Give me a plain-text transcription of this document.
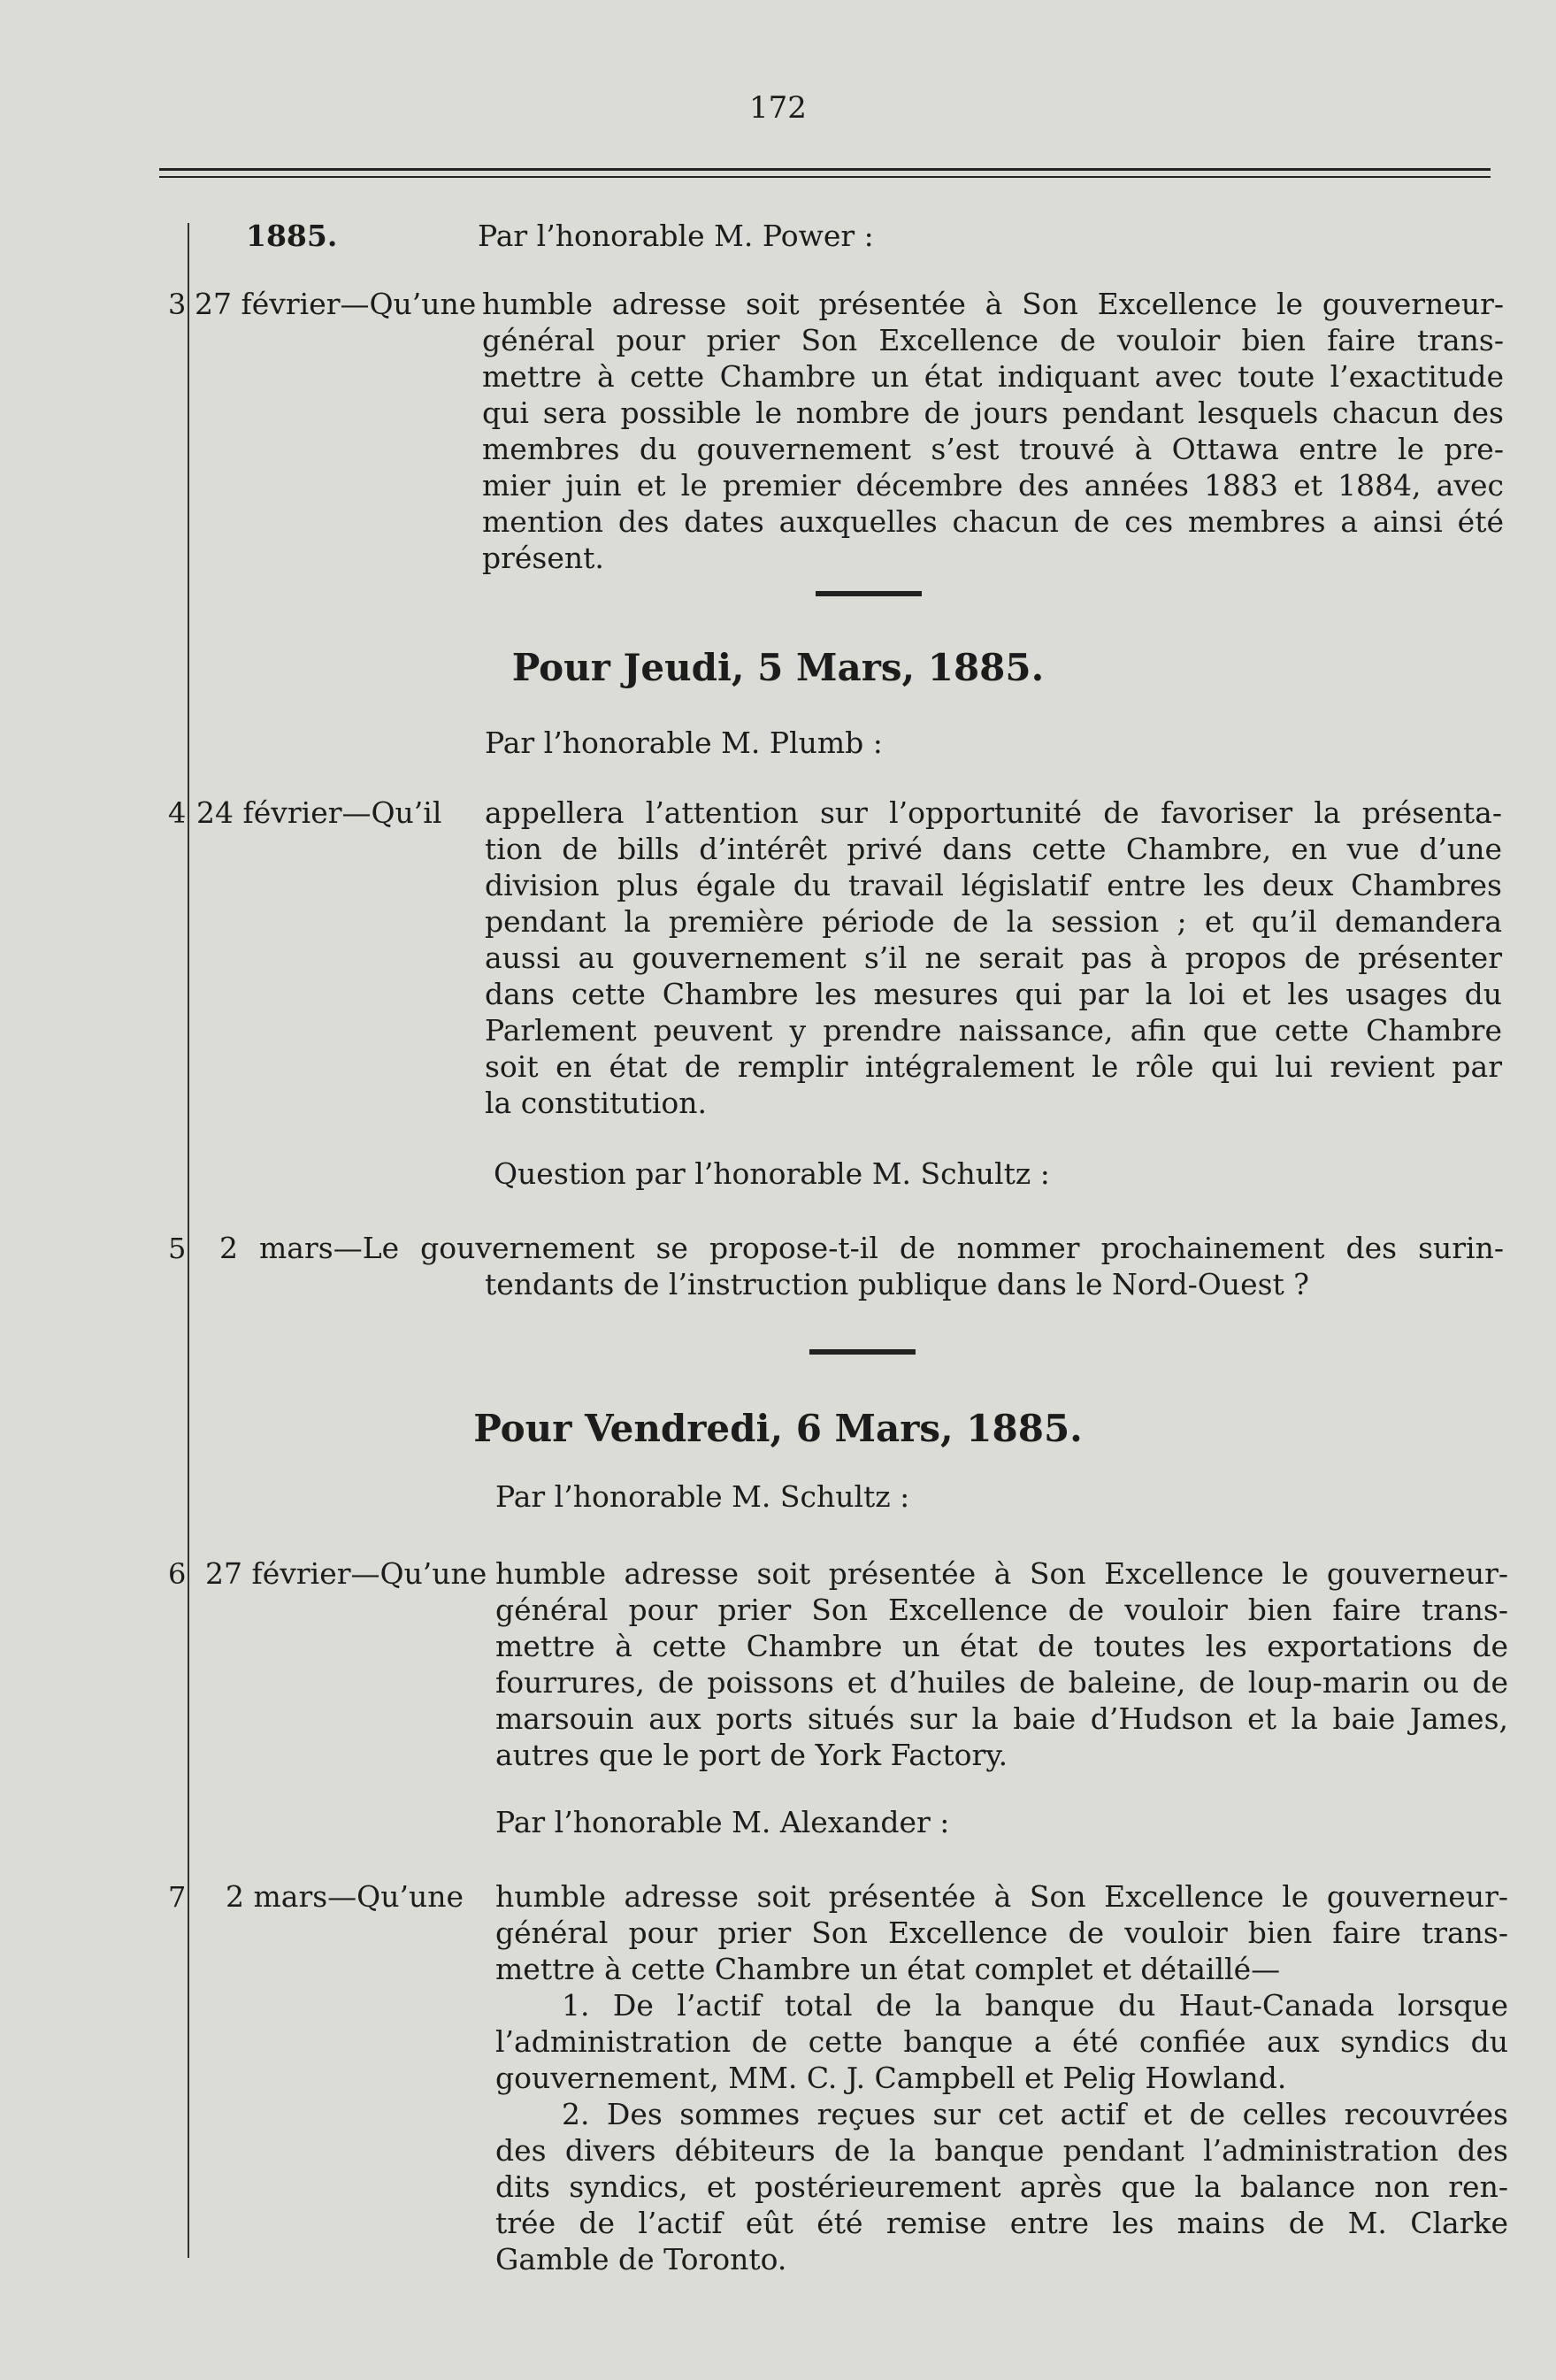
172
1885.	Par l’honorable M. Power :
3 27 février—Qu’une humble adresse soit présentée à Son Excellence le gouverneur-
général pour prier Son Excellence de vouloir bien faire trans-
mettre à cette Chambre un état indiquant avec toute l’exactitude
qui sera possible le nombre de jours pendant lesquels chacun des
membres du gouvernement s’est trouvé à Ottawa entre le pre-
mier juin et le premier décembre des années 1883 et 1884, avec
mention des dates auxquelles chacun de ces membres a ainsi été
présent.
Pour Jeudi, 5 Mars, 1885.
Par l’honorable M. Plumb :
4 24 février—Qu’il appellera l’attention sur l’opportunité de favoriser la présenta-
tion de bills d’intérêt privé dans cette Chambre, en vue d’une
division plus égale du travail législatif entre les deux Chambres
pendant la première période de la session ; et qu’il demandera
aussi au gouvernement s’il ne serait pas à propos de présenter
dans cette Chambre les mesures qui par la loi et les usages du
Parlement peuvent y prendre naissance, afin que cette Chambre
soit en état de remplir intégralement le rôle qui lui revient par
la constitution.
Question par l’honorable M. Schultz :
5 2 mars—Le gouvernement se propose-t-il de nommer prochainement des surin-
tendants de l’instruction publique dans le Nord-Ouest ?
Pour Vendredi, 6 Mars, 1885.
Par l’honorable M. Schultz :
6 27 février—Qu’une humble adresse soit présentée à Son Excellence le gouverneur-
général pour prier Son Excellence de vouloir bien faire trans-
mettre à cette Chambre un état de toutes les exportations de
fourrures, de poissons et d’huiles de baleine, de loup-marin ou de
marsouin aux ports situés sur la baie d’Hudson et la baie James,
autres que le port de York Factory.
Par l’honorable M. Alexander :
7 2 mars—Qu’une humble adresse soit présentée à Son Excellence le gouverneur-
général pour prier Son Excellence de vouloir bien faire trans-
mettre à cette Chambre un état complet et détaillé—
1. De l’actif total de la banque du Haut-Canada lorsque
l’administration de cette banque a été confiée aux syndics du
gouvernement, MM. C. J. Campbell et Pelig Howland.
2. Des sommes reçues sur cet actif et de celles recouvrées
des divers débiteurs de la banque pendant l’administration des
dits syndics, et postérieurement après que la balance non ren-
trée de l’actif eût été remise entre les mains de M. Clarke
Gamble de Toronto.
